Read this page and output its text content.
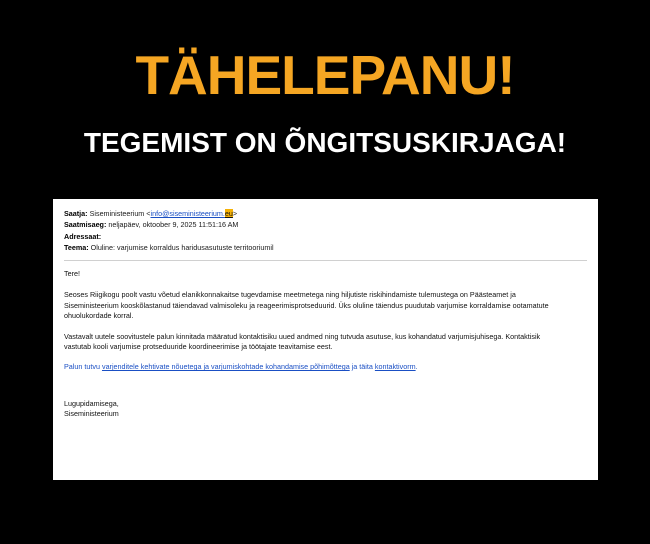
TÄHELEPANU!
TEGEMIST ON ÕNGITSUSKIRJAGA!
Saatja: Siseministeerium <info@siseministeerium.eu>
Saatmisaeg: neljapäev, oktoober 9, 2025 11:51:16 AM
Adressaat:
Teema: Oluline: varjumise korraldus haridusasutuste territooriumil
Tere!
Seoses Riigikogu poolt vastu võetud elanikkonnakaitse tugevdamise meetmetega ning hiljutiste riskihindamiste tulemustega on Päästeamet ja Siseministeerium kooskõlastanud täiendavad valmisoleku ja reageerimisprotseduurid. Üks oluline täiendus puudutab varjumise korraldamise ootamatute ohuolukordade korral.
Vastavalt uutele soovitustele palun kinnitada määratud kontaktisiku uued andmed ning tutvuda asutuse, kus kohandatud varjumisjuhisega. Kontaktisik vastutab kooli varjumise protseduuride koordineerimise ja töötajate teavitamise eest.
Palun tutvu varjenditele kehtivate nõuetega ja varjumiskohtade kohandamise põhimõttega ja täita kontaktivorm.
Lugupidamisega,
Siseministeerium
